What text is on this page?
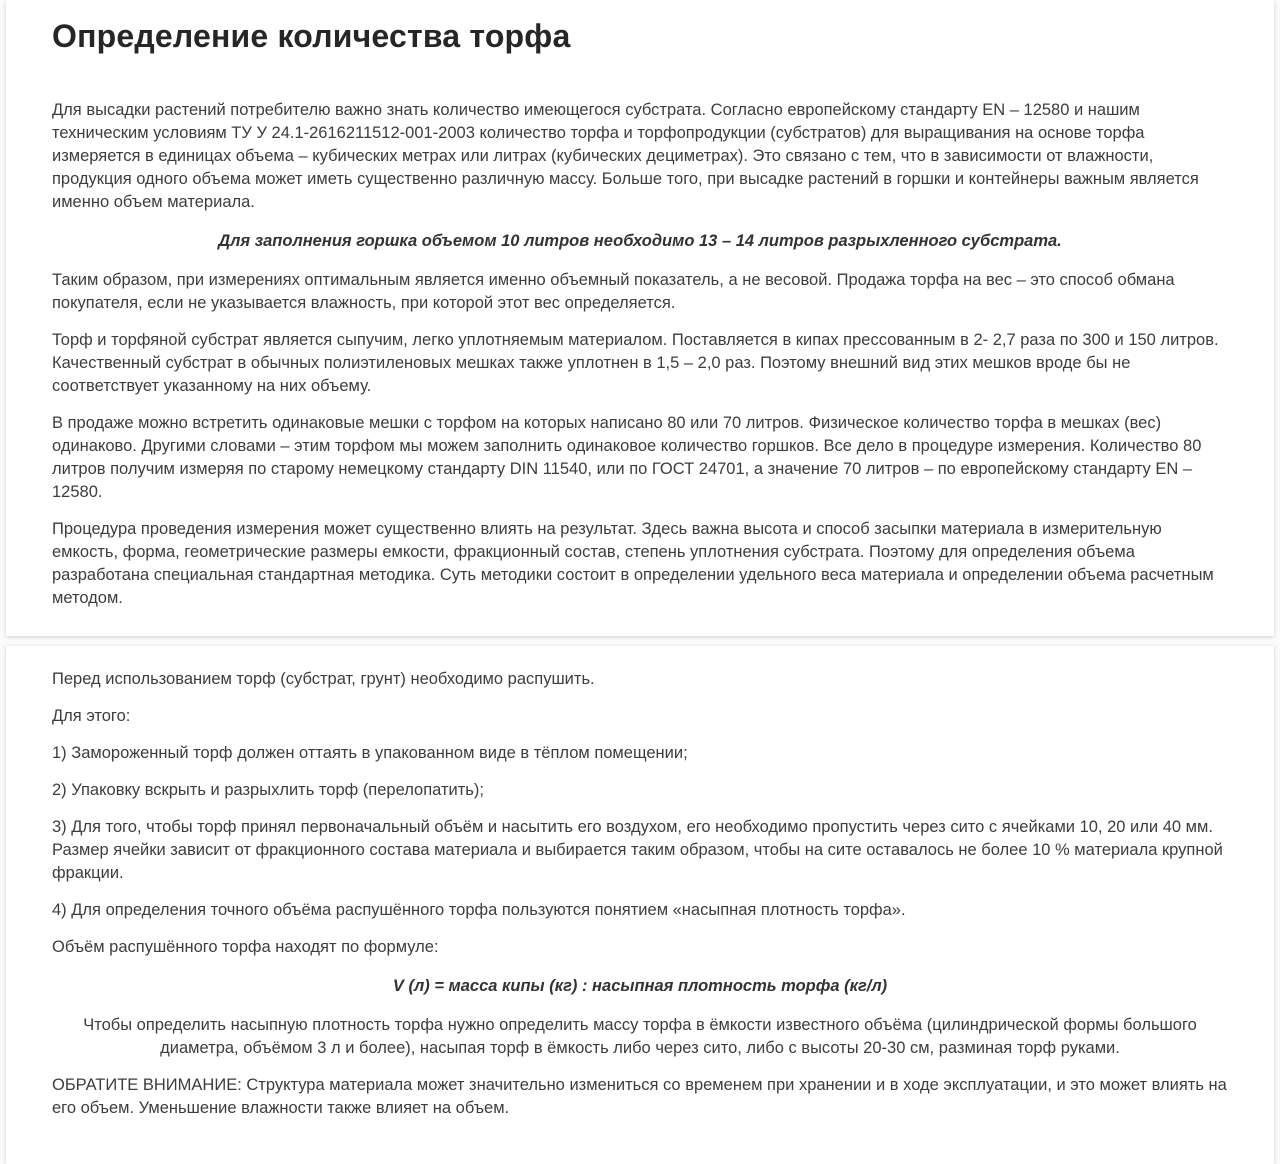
Определение количества торфа

Для высадки растений потребителю важно знать количество имеющегося субстрата. Согласно европейскому стандарту EN – 12580 и нашим техническим условиям ТУ У 24.1-2616211512-001-2003 количество торфа и торфопродукции (субстратов) для выращивания на основе торфа измеряется в единицах объема – кубических метрах или литрах (кубических дециметрах). Это связано с тем, что в зависимости от влажности, продукция одного объема может иметь существенно различную массу. Больше того, при высадке растений в горшки и контейнеры важным является именно объем материала.

Для заполнения горшка объемом 10 литров необходимо 13 – 14 литров разрыхленного субстрата.

Таким образом, при измерениях оптимальным является именно объемный показатель, а не весовой. Продажа торфа на вес – это способ обмана покупателя, если не указывается влажность, при которой этот вес определяется.

Торф и торфяной субстрат является сыпучим, легко уплотняемым материалом. Поставляется в кипах прессованным в 2- 2,7 раза по 300 и 150 литров. Качественный субстрат в обычных полиэтиленовых мешках также уплотнен в 1,5 – 2,0 раз. Поэтому внешний вид этих мешков вроде бы не соответствует указанному на них объему.

В продаже можно встретить одинаковые мешки с торфом на которых написано 80 или 70 литров. Физическое количество торфа в мешках (вес) одинаково. Другими словами – этим торфом мы можем заполнить одинаковое количество горшков. Все дело в процедуре измерения. Количество 80 литров получим измеряя по старому немецкому стандарту DIN 11540, или по ГОСТ 24701, а значение 70 литров – по европейскому стандарту EN – 12580.

Процедура проведения измерения может существенно влиять на результат. Здесь важна высота и способ засыпки материала в измерительную емкость, форма, геометрические размеры емкости, фракционный состав, степень уплотнения субстрата. Поэтому для определения объема разработана специальная стандартная методика. Суть методики состоит в определении удельного веса материала и определении объема расчетным методом.

Перед использованием торф (субстрат, грунт) необходимо распушить.

Для этого:

1) Замороженный торф должен оттаять в упакованном виде в тёплом помещении;

2) Упаковку вскрыть и разрыхлить торф (перелопатить);

3) Для того, чтобы торф принял первоначальный объём и насытить его воздухом, его необходимо пропустить через сито с ячейками 10, 20 или 40 мм. Размер ячейки зависит от фракционного состава материала и выбирается таким образом, чтобы на сите оставалось не более 10 % материала крупной фракции.

4) Для определения точного объёма распушённого торфа пользуются понятием «насыпная плотность торфа».

Объём распушённого торфа находят по формуле:

V (л) = масса кипы (кг) : насыпная плотность торфа (кг/л)

Чтобы определить насыпную плотность торфа нужно определить массу торфа в ёмкости известного объёма (цилиндрической формы большого диаметра, объёмом 3 л и более), насыпая торф в ёмкость либо через сито, либо с высоты 20-30 см, разминая торф руками.

ОБРАТИТЕ ВНИМАНИЕ: Структура материала может значительно измениться со временем при хранении и в ходе эксплуатации, и это может влиять на его объем. Уменьшение влажности также влияет на объем.
